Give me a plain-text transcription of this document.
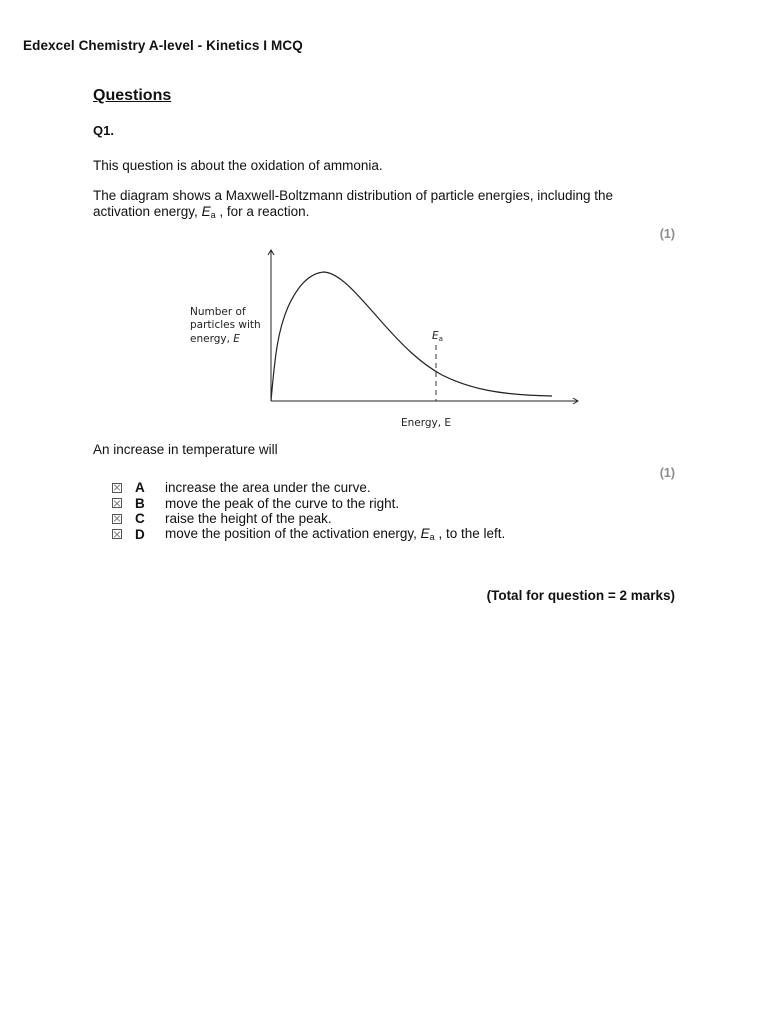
Edexcel Chemistry A-level - Kinetics I MCQ
Questions
Q1.
This question is about the oxidation of ammonia.
The diagram shows a Maxwell-Boltzmann distribution of particle energies, including the activation energy, $E_a$ , for a reaction.
(1)
Number of
particles with
energy, E	Ea
Energy, E
An increase in temperature will
(1)
A	increase the area under the curve.
B	move the peak of the curve to the right.
C	raise the height of the peak.
D	move the position of the activation energy, $E_a$ , to the left.
(Total for question = 2 marks)
